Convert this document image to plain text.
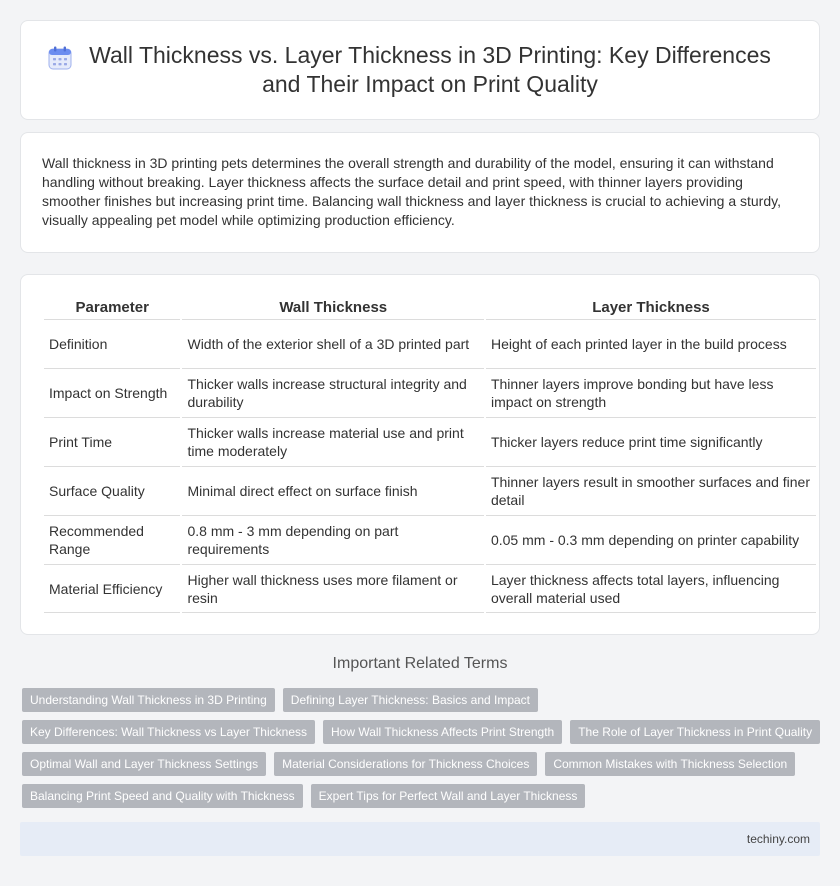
Wall Thickness vs. Layer Thickness in 3D Printing: Key Differences and Their Impact on Print Quality

Wall thickness in 3D printing pets determines the overall strength and durability of the model, ensuring it can withstand handling without breaking. Layer thickness affects the surface detail and print speed, with thinner layers providing smoother finishes but increasing print time. Balancing wall thickness and layer thickness is crucial to achieving a sturdy, visually appealing pet model while optimizing production efficiency.

Parameter	Wall Thickness	Layer Thickness
Definition	Width of the exterior shell of a 3D printed part	Height of each printed layer in the build process
Impact on Strength	Thicker walls increase structural integrity and durability	Thinner layers improve bonding but have less impact on strength
Print Time	Thicker walls increase material use and print time moderately	Thicker layers reduce print time significantly
Surface Quality	Minimal direct effect on surface finish	Thinner layers result in smoother surfaces and finer detail
Recommended Range	0.8 mm - 3 mm depending on part requirements	0.05 mm - 0.3 mm depending on printer capability
Material Efficiency	Higher wall thickness uses more filament or resin	Layer thickness affects total layers, influencing overall material used
Important Related Terms
Understanding Wall Thickness in 3D Printing	Defining Layer Thickness: Basics and Impact
Key Differences: Wall Thickness vs Layer Thickness	How Wall Thickness Affects Print Strength	The Role of Layer Thickness in Print Quality
Optimal Wall and Layer Thickness Settings	Material Considerations for Thickness Choices	Common Mistakes with Thickness Selection
Balancing Print Speed and Quality with Thickness	Expert Tips for Perfect Wall and Layer Thickness
techiny.com
